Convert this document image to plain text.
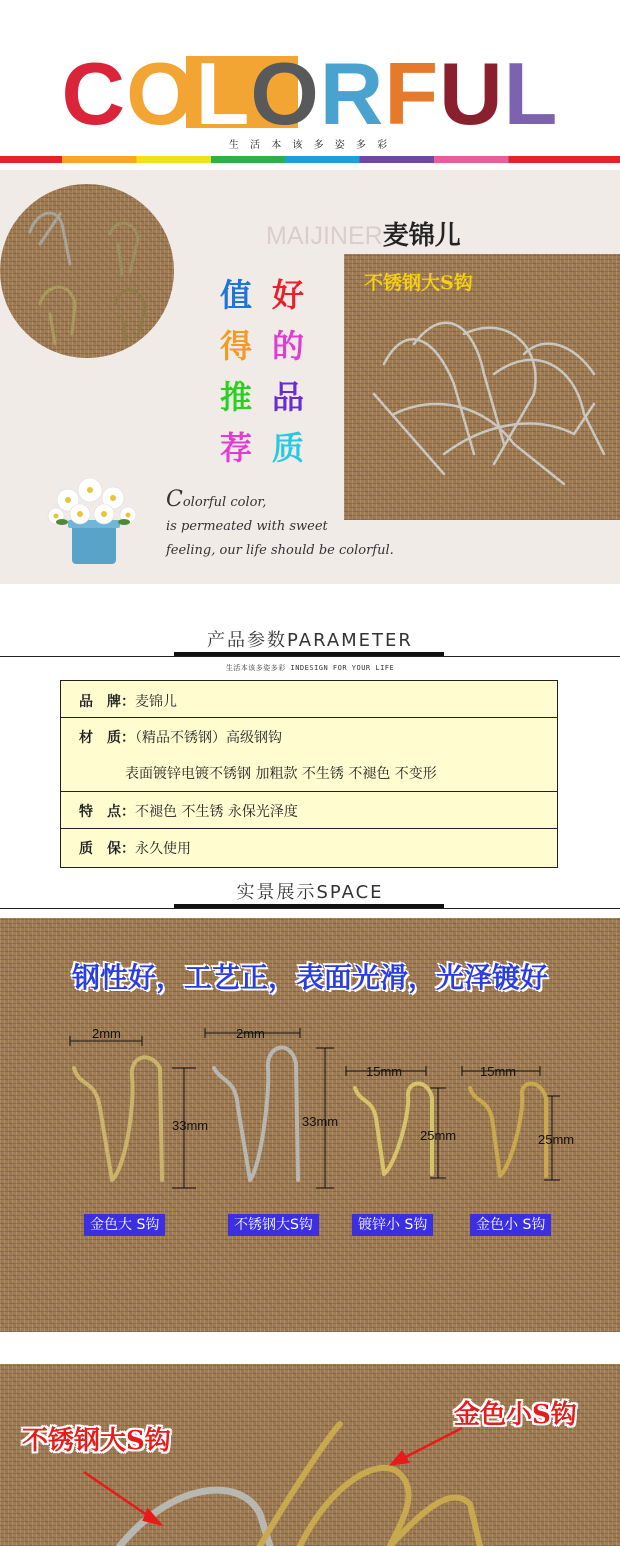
COLORFUL
生 活 本 该 多 姿 多 彩
MAIJINER麦锦儿
值
得
推
荐
好
的
品
质
不锈钢大S钩
Colorful color,
is permeated with sweet
feeling, our life should be colorful.
产品参数PARAMETER
生活本该多姿多彩 INDESIGN FOR YOUR LIFE
品　牌：麦锦儿
材　质：（精品不锈钢）高级钢钩
表面镀锌电镀不锈钢 加粗款 不生锈 不褪色 不变形
特　点：不褪色 不生锈 永保光泽度
质　保：永久使用
实景展示SPACE
钢性好，工艺正，表面光滑，光泽镀好
2mm
33mm
2mm
33mm
15mm
25mm
15mm
25mm
金色大 S钩	不锈钢大S钩	镀锌小 S钩	金色小 S钩
不锈钢大S钩
金色小S钩
